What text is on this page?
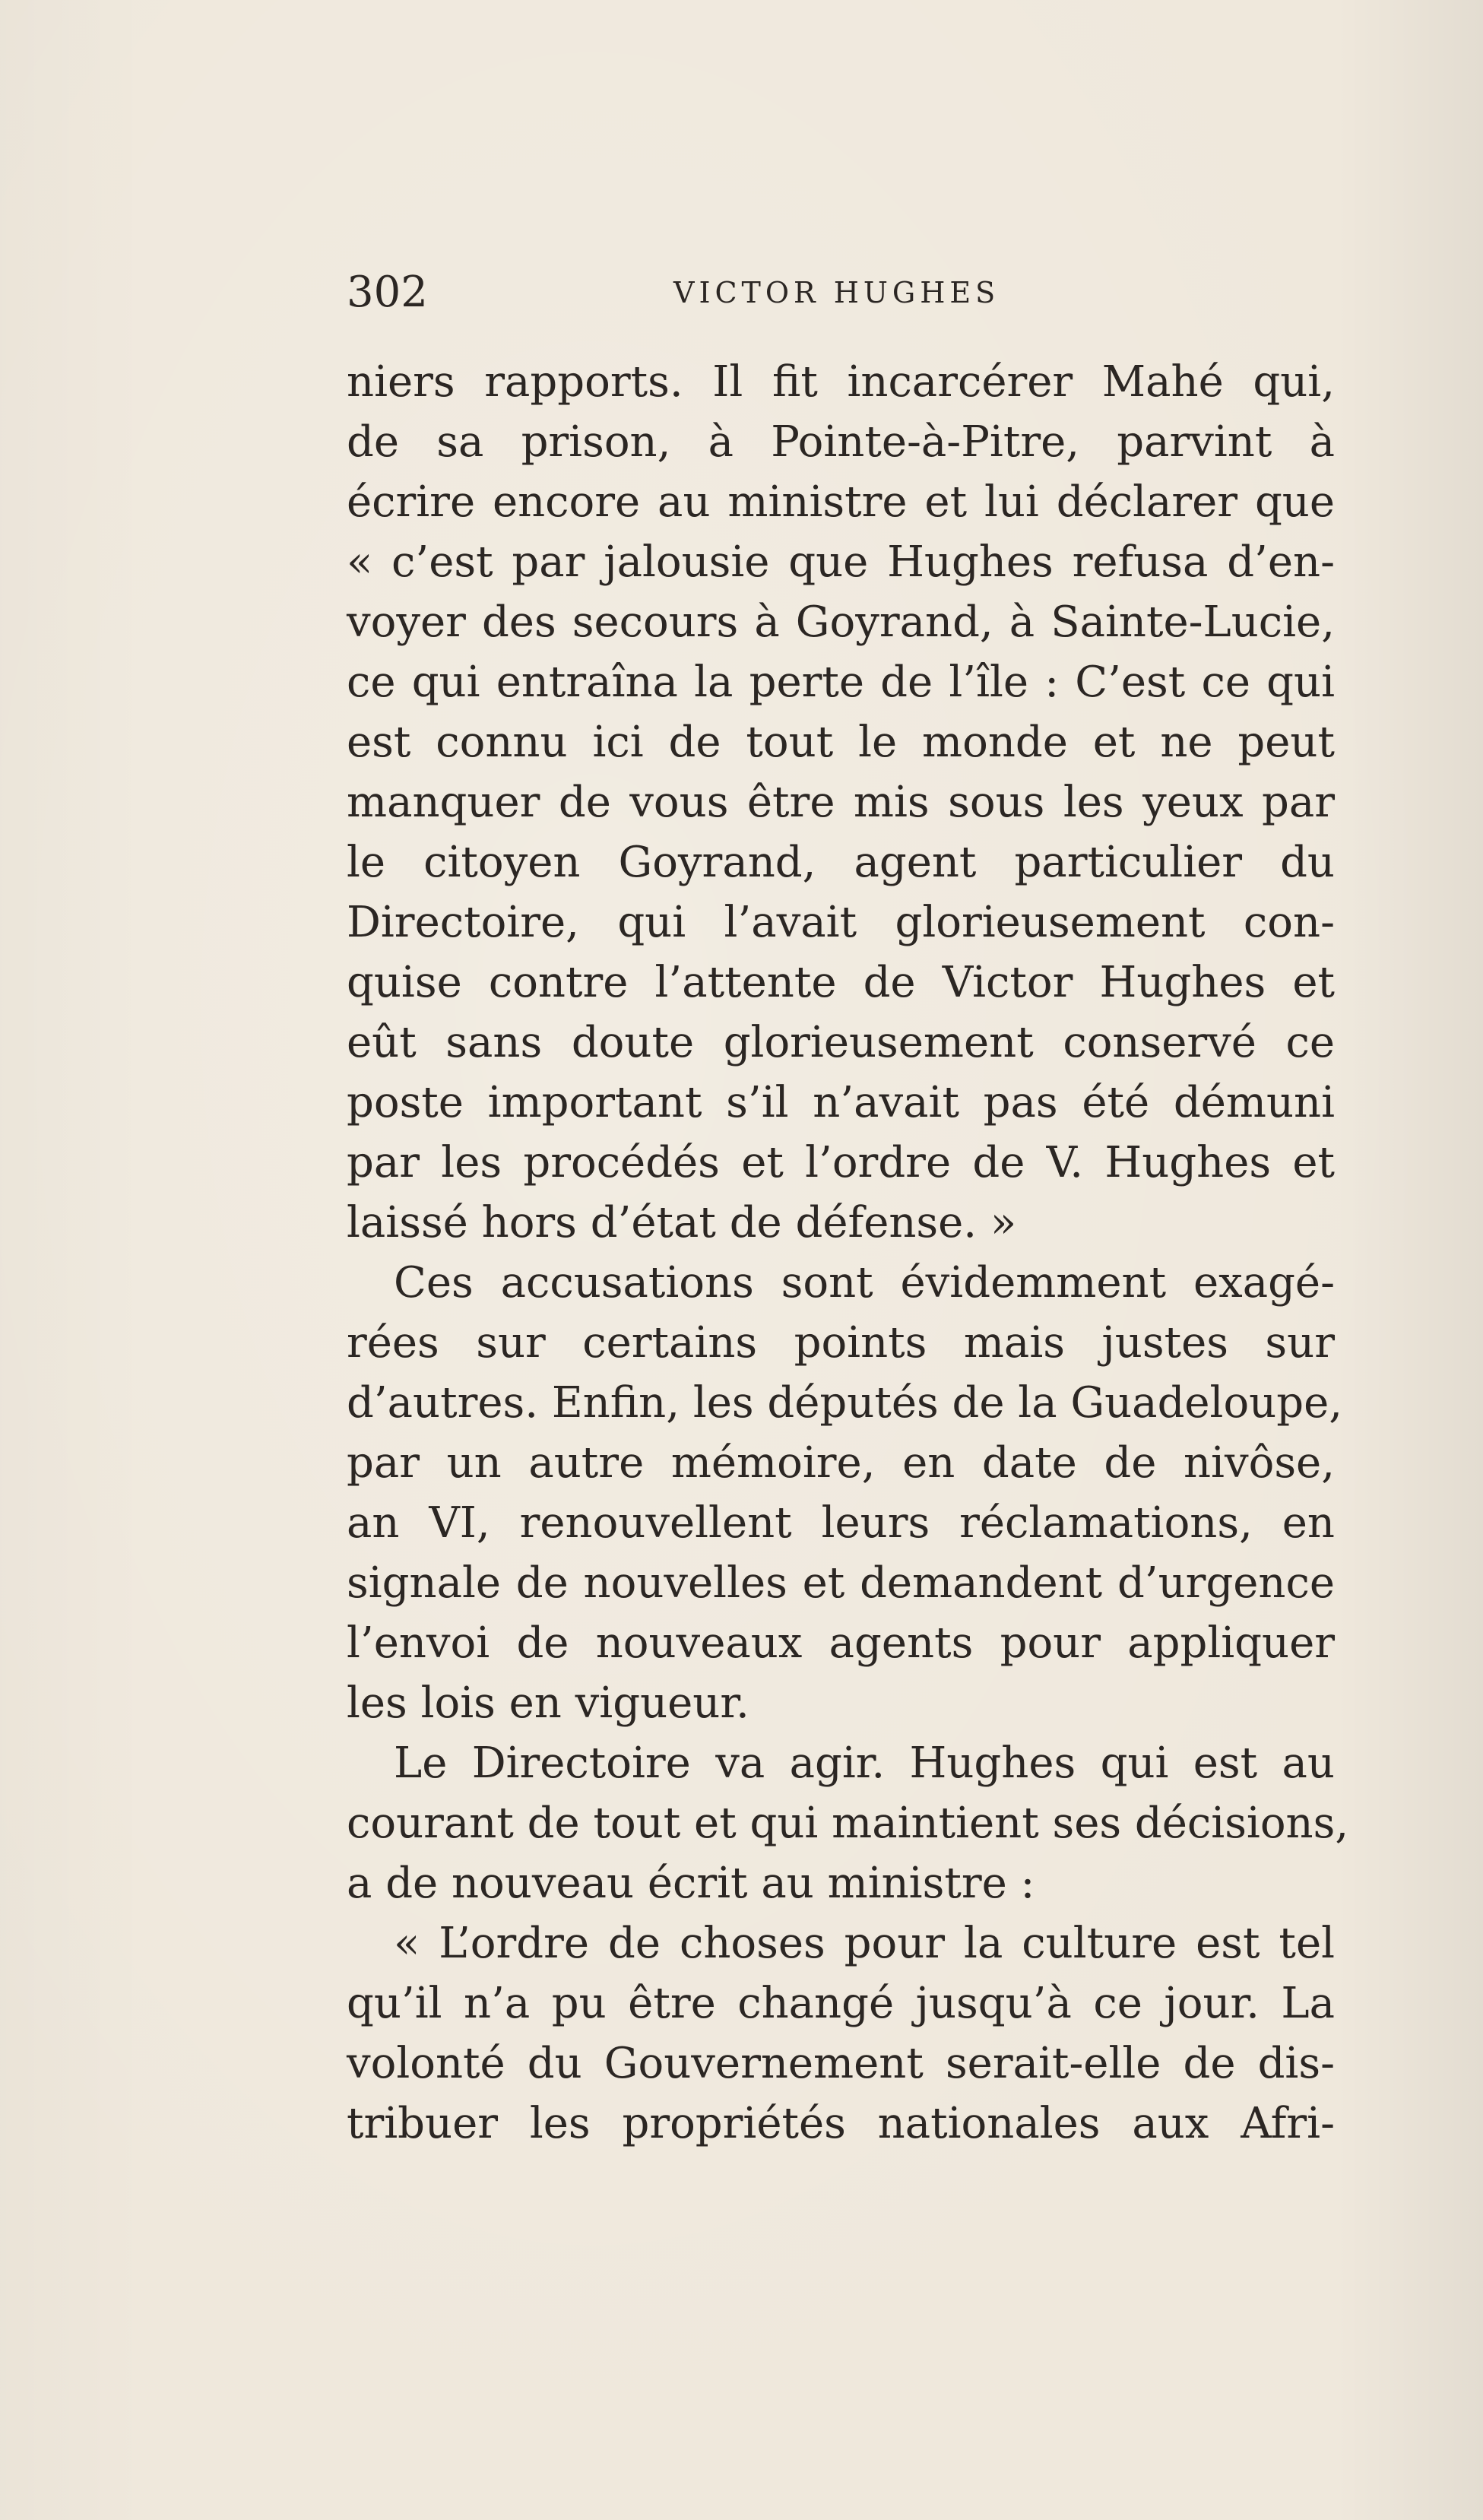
302	VICTOR HUGHES
niers rapports. Il fit incarcérer Mahé qui,
de sa prison, à Pointe-à-Pitre, parvint à
écrire encore au ministre et lui déclarer que
« c’est par jalousie que Hughes refusa d’en-
voyer des secours à Goyrand, à Sainte-Lucie,
ce qui entraîna la perte de l’île : C’est ce qui
est connu ici de tout le monde et ne peut
manquer de vous être mis sous les yeux par
le citoyen Goyrand, agent particulier du
Directoire, qui l’avait glorieusement con-
quise contre l’attente de Victor Hughes et
eût sans doute glorieusement conservé ce
poste important s’il n’avait pas été démuni
par les procédés et l’ordre de V. Hughes et
laissé hors d’état de défense. »
Ces accusations sont évidemment exagé-
rées sur certains points mais justes sur
d’autres. Enfin, les députés de la Guadeloupe,
par un autre mémoire, en date de nivôse,
an VI, renouvellent leurs réclamations, en
signale de nouvelles et demandent d’urgence
l’envoi de nouveaux agents pour appliquer
les lois en vigueur.
Le Directoire va agir. Hughes qui est au
courant de tout et qui maintient ses décisions,
a de nouveau écrit au ministre :
« L’ordre de choses pour la culture est tel
qu’il n’a pu être changé jusqu’à ce jour. La
volonté du Gouvernement serait-elle de dis-
tribuer les propriétés nationales aux Afri-
